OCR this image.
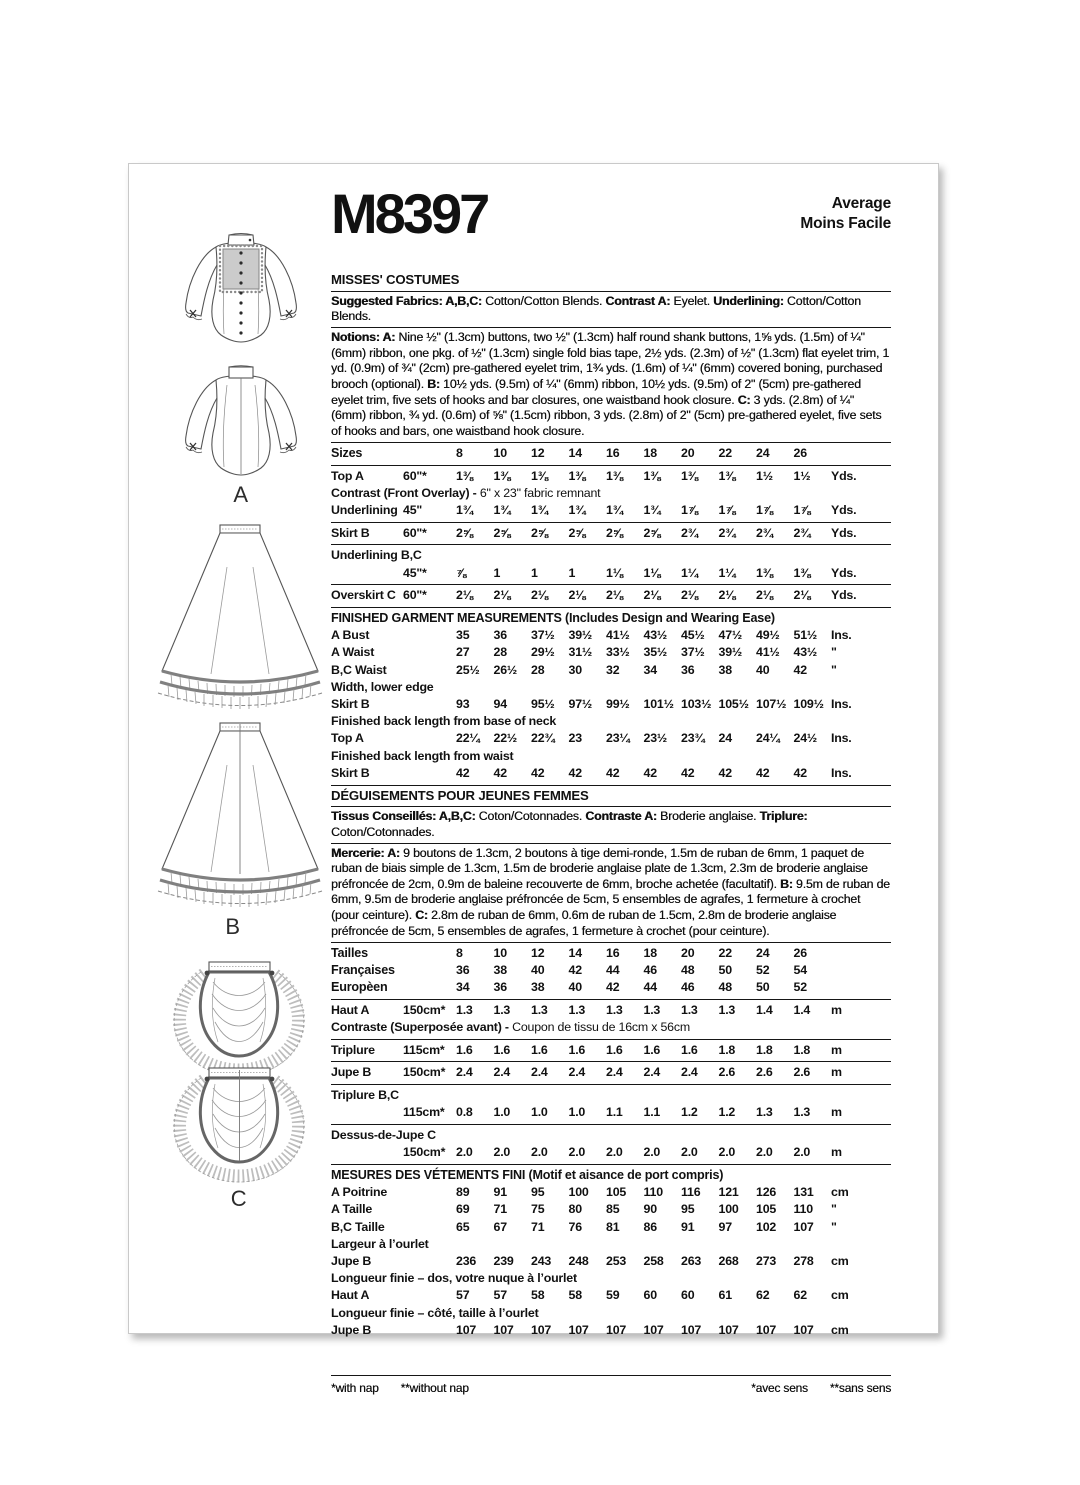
A
B
C
M8397	Average
Moins Facile
MISSES' COSTUMES
Suggested Fabrics: A,B,C: Cotton/Cotton Blends. Contrast A: Eyelet. Underlining: Cotton/Cotton Blends.
Notions: A: Nine ½" (1.3cm) buttons, two ½" (1.3cm) half round shank buttons, 1⅝ yds. (1.5m) of ¼" (6mm) ribbon, one pkg. of ½" (1.3cm) single fold bias tape, 2½ yds. (2.3m) of ½" (1.3cm) flat eyelet trim, 1 yd. (0.9m) of ¾" (2cm) pre-gathered eyelet trim, 1¾ yds. (1.6m) of ¼" (6mm) covered boning, purchased brooch (optional). B: 10½ yds. (9.5m) of ¼" (6mm) ribbon, 10½ yds. (9.5m) of 2" (5cm) pre-gathered eyelet trim, five sets of hooks and bar closures, one waistband hook closure. C: 3 yds. (2.8m) of ¼" (6mm) ribbon, ¾ yd. (0.6m) of ⅝" (1.5cm) ribbon, 3 yds. (2.8m) of 2" (5cm) pre-gathered eyelet, five sets of hooks and bars, one waistband hook closure.
Sizes	8	10	12	14	16	18	20	22	24	26
Top A	60"*	1⅜	1⅜	1⅜	1⅜	1⅜	1⅜	1⅜	1⅜	1½	1½	Yds.
Contrast (Front Overlay) - 6" x 23" fabric remnant
Underlining 45"	1¾	1¾	1¾	1¾	1¾	1¾	1⅞	1⅞	1⅞	1⅞	Yds.
Skirt B	60"*	2⅝	2⅝	2⅝	2⅝	2⅝	2⅝	2¾	2¾	2¾	2¾	Yds.
Underlining B,C
45"*	⅞	1	1	1	1⅛	1⅛	1¼	1¼	1⅜	1⅜	Yds.
Overskirt C 60"*	2⅛	2⅛	2⅛	2⅛	2⅛	2⅛	2⅛	2⅛	2⅛	2⅛	Yds.
FINISHED GARMENT MEASUREMENTS (Includes Design and Wearing Ease)
A Bust	35	36	37½	39½	41½	43½	45½	47½	49½	51½	Ins.
A Waist	27	28	29½	31½	33½	35½	37½	39½	41½	43½	"
B,C Waist	25½	26½	28	30	32	34	36	38	40	42	"
Width, lower edge
Skirt B	93	94	95½	97½	99½	101½ 103½ 105½ 107½ 109½ Ins.
Finished back length from base of neck
Top A	22¼	22½	22¾	23	23¼	23½	23¾	24	24¼	24½	Ins.
Finished back length from waist
Skirt B	42	42	42	42	42	42	42	42	42	42	Ins.
DÉGUISEMENTS POUR JEUNES FEMMES
Tissus Conseillés: A,B,C: Coton/Cotonnades. Contraste A: Broderie anglaise. Triplure: Coton/Cotonnades.
Mercerie: A: 9 boutons de 1.3cm, 2 boutons à tige demi-ronde, 1.5m de ruban de 6mm, 1 paquet de ruban de biais simple de 1.3cm, 1.5m de broderie anglaise plate de 1.3cm, 2.3m de broderie anglaise préfroncée de 2cm, 0.9m de baleine recouverte de 6mm, broche achetée (facultatif). B: 9.5m de ruban de 6mm, 9.5m de broderie anglaise préfroncée de 5cm, 5 ensembles de agrafes, 1 fermeture à crochet (pour ceinture). C: 2.8m de ruban de 6mm, 0.6m de ruban de 1.5cm, 2.8m de broderie anglaise préfroncée de 5cm, 5 ensembles de agrafes, 1 fermeture à crochet (pour ceinture).
Tailles	8	10	12	14	16	18	20	22	24	26
Françaises	36	38	40	42	44	46	48	50	52	54
Europèen	34	36	38	40	42	44	46	48	50	52
Haut A	150cm* 1.3	1.3	1.3	1.3	1.3	1.3	1.3	1.3	1.4	1.4	m
Contraste (Superposée avant) - Coupon de tissu de 16cm x 56cm
Triplure	115cm* 1.6	1.6	1.6	1.6	1.6	1.6	1.6	1.8	1.8	1.8	m
Jupe B	150cm* 2.4	2.4	2.4	2.4	2.4	2.4	2.4	2.6	2.6	2.6	m
Triplure B,C
115cm* 0.8	1.0	1.0	1.0	1.1	1.1	1.2	1.2	1.3	1.3	m
Dessus-de-Jupe C
150cm* 2.0	2.0	2.0	2.0	2.0	2.0	2.0	2.0	2.0	2.0	m
MESURES DES VÉTEMENTS FINI (Motif et aisance de port compris)
A Poitrine	89	91	95	100	105	110	116	121	126	131	cm
A Taille	69	71	75	80	85	90	95	100	105	110	"
B,C Taille	65	67	71	76	81	86	91	97	102	107	"
Largeur à l’ourlet
Jupe B	236	239	243	248	253	258	263	268	273	278	cm
Longueur finie – dos, votre nuque à l’ourlet
Haut A	57	57	58	58	59	60	60	61	62	62	cm
Longueur finie – côté, taille à l’ourlet
Jupe B	107	107	107	107	107	107	107	107	107	107	cm
*with nap **without nap	*avec sens **sans sens
